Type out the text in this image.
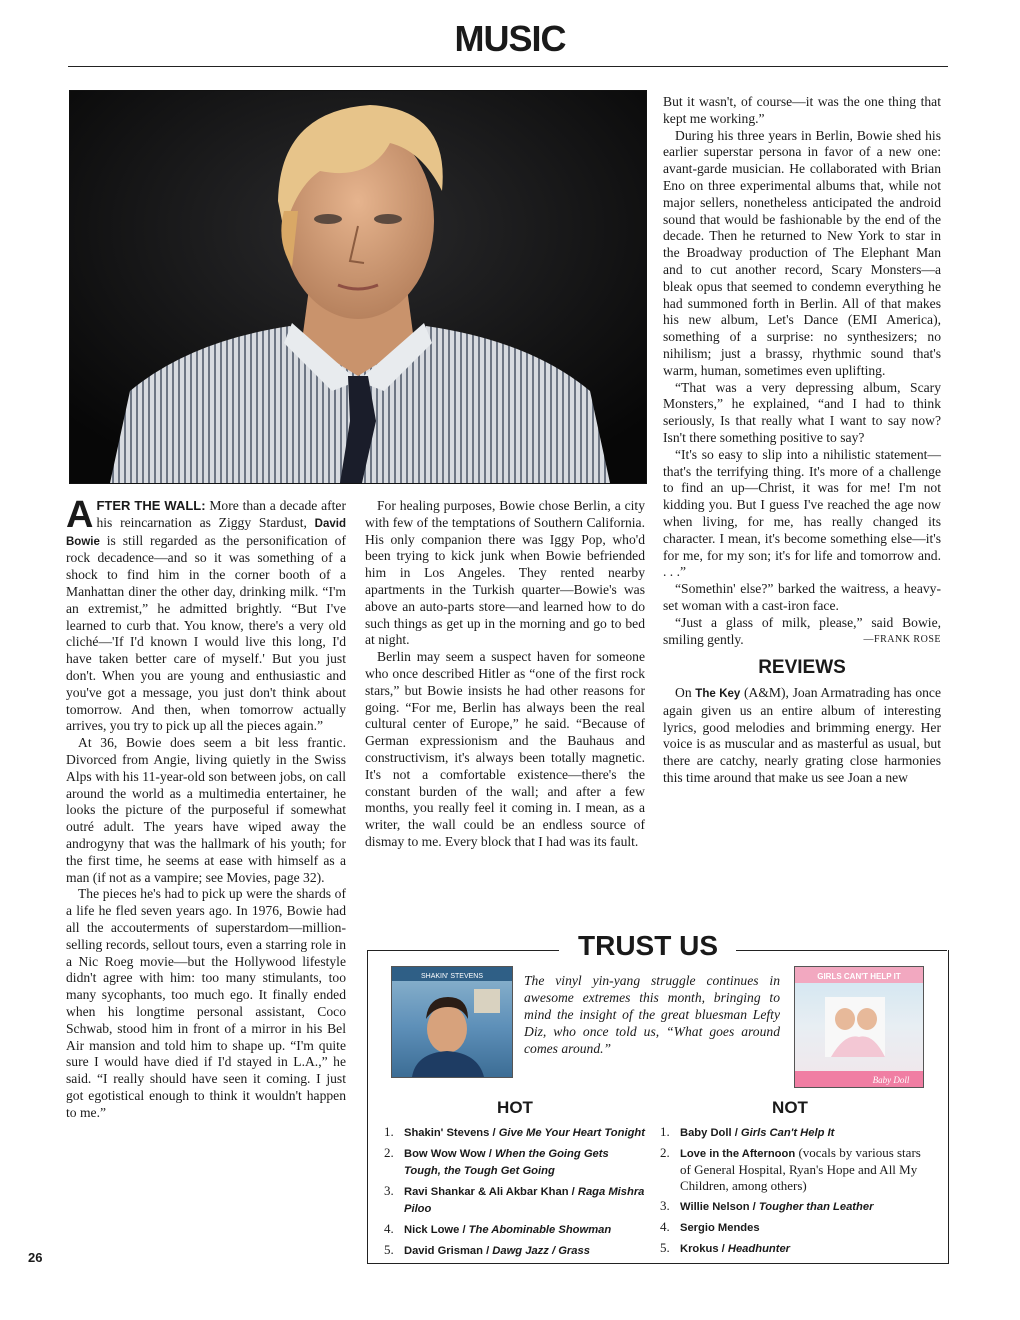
MUSIC

AFTER THE WALL: More than a decade after his reincarnation as Ziggy Stardust, David Bowie is still regarded as the personification of rock decadence—and so it was something of a shock to find him in the corner booth of a Manhattan diner the other day, drinking milk. “I'm an extremist,” he admitted brightly. “But I've learned to curb that. You know, there's a very old cliché—'If I'd known I would live this long, I'd have taken better care of myself.' But you just don't. When you are young and enthusiastic and you've got a message, you just don't think about tomorrow. And then, when tomorrow actually arrives, you try to pick up all the pieces again.”

At 36, Bowie does seem a bit less frantic. Divorced from Angie, living quietly in the Swiss Alps with his 11-year-old son between jobs, on call around the world as a multimedia entertainer, he looks the picture of the purposeful if somewhat outré adult. The years have wiped away the androgyny that was the hallmark of his youth; for the first time, he seems at ease with himself as a man (if not as a vampire; see Movies, page 32).

The pieces he's had to pick up were the shards of a life he fled seven years ago. In 1976, Bowie had all the accouterments of superstardom—million-selling records, sellout tours, even a starring role in a Nic Roeg movie—but the Hollywood lifestyle didn't agree with him: too many stimulants, too many sycophants, too much ego. It finally ended when his longtime personal assistant, Coco Schwab, stood him in front of a mirror in his Bel Air mansion and told him to shape up. “I'm quite sure I would have died if I'd stayed in L.A.,” he said. “I really should have seen it coming. I just got egotistical enough to think it wouldn't happen to me.”

For healing purposes, Bowie chose Berlin, a city with few of the temptations of Southern California. His only companion there was Iggy Pop, who'd been trying to kick junk when Bowie befriended him in Los Angeles. They rented nearby apartments in the Turkish quarter—Bowie's was above an auto-parts store—and learned how to do such things as get up in the morning and go to bed at night.

Berlin may seem a suspect haven for someone who once described Hitler as “one of the first rock stars,” but Bowie insists he had other reasons for going. “For me, Berlin has always been the real cultural center of Europe,” he said. “Because of German expressionism and the Bauhaus and constructivism, it's always been totally magnetic. It's not a comfortable existence—there's the constant burden of the wall; and after a few months, you really feel it coming in. I mean, as a writer, the wall could be an endless source of dismay to me. Every block that I had was its fault.

But it wasn't, of course—it was the one thing that kept me working.”

During his three years in Berlin, Bowie shed his earlier superstar persona in favor of a new one: avant-garde musician. He collaborated with Brian Eno on three experimental albums that, while not major sellers, nonetheless anticipated the android sound that would be fashionable by the end of the decade. Then he returned to New York to star in the Broadway production of The Elephant Man and to cut another record, Scary Monsters—a bleak opus that seemed to condemn everything he had summoned forth in Berlin. All of that makes his new album, Let's Dance (EMI America), something of a surprise: no synthesizers; no nihilism; just a brassy, rhythmic sound that's warm, human, sometimes even uplifting.

“That was a very depressing album, Scary Monsters,” he explained, “and I had to think seriously, Is that really what I want to say now? Isn't there something positive to say?

“It's so easy to slip into a nihilistic statement—that's the terrifying thing. It's more of a challenge to find an up—Christ, it was for me! I'm not kidding you. But I guess I've reached the age now when living, for me, has really changed its character. I mean, it's become something else—it's for me, for my son; it's for life and tomorrow and. . . .”

“Somethin' else?” barked the waitress, a heavy-set woman with a cast-iron face.

“Just a glass of milk, please,” said Bowie, smiling gently.	—FRANK ROSE

REVIEWS

On The Key (A&M), Joan Armatrading has once again given us an entire album of interesting lyrics, good melodies and brimming energy. Her voice is as muscular and as masterful as usual, but there are catchy, nearly grating close harmonies this time around that make us see Joan a new

TRUST US
SHAKIN' STEVENS	The vinyl yin-yang struggle continues in awesome extremes this month, bringing to mind the insight of the great bluesman Lefty Diz, who once told us, “What goes around comes around.”
GIRLS CAN'T HELP IT
Baby Doll
HOT	NOT
1. Shakin' Stevens / Give Me Your Heart Tonight
2. Bow Wow Wow / When the Going Gets Tough, the Tough Get Going
3. Ravi Shankar & Ali Akbar Khan / Raga Mishra Piloo
4. Nick Lowe / The Abominable Showman
5. David Grisman / Dawg Jazz / Grass
1. Baby Doll / Girls Can't Help It
2. Love in the Afternoon (vocals by various stars of General Hospital, Ryan's Hope and All My Children, among others)
3. Willie Nelson / Tougher than Leather
4. Sergio Mendes
5. Krokus / Headhunter
26
